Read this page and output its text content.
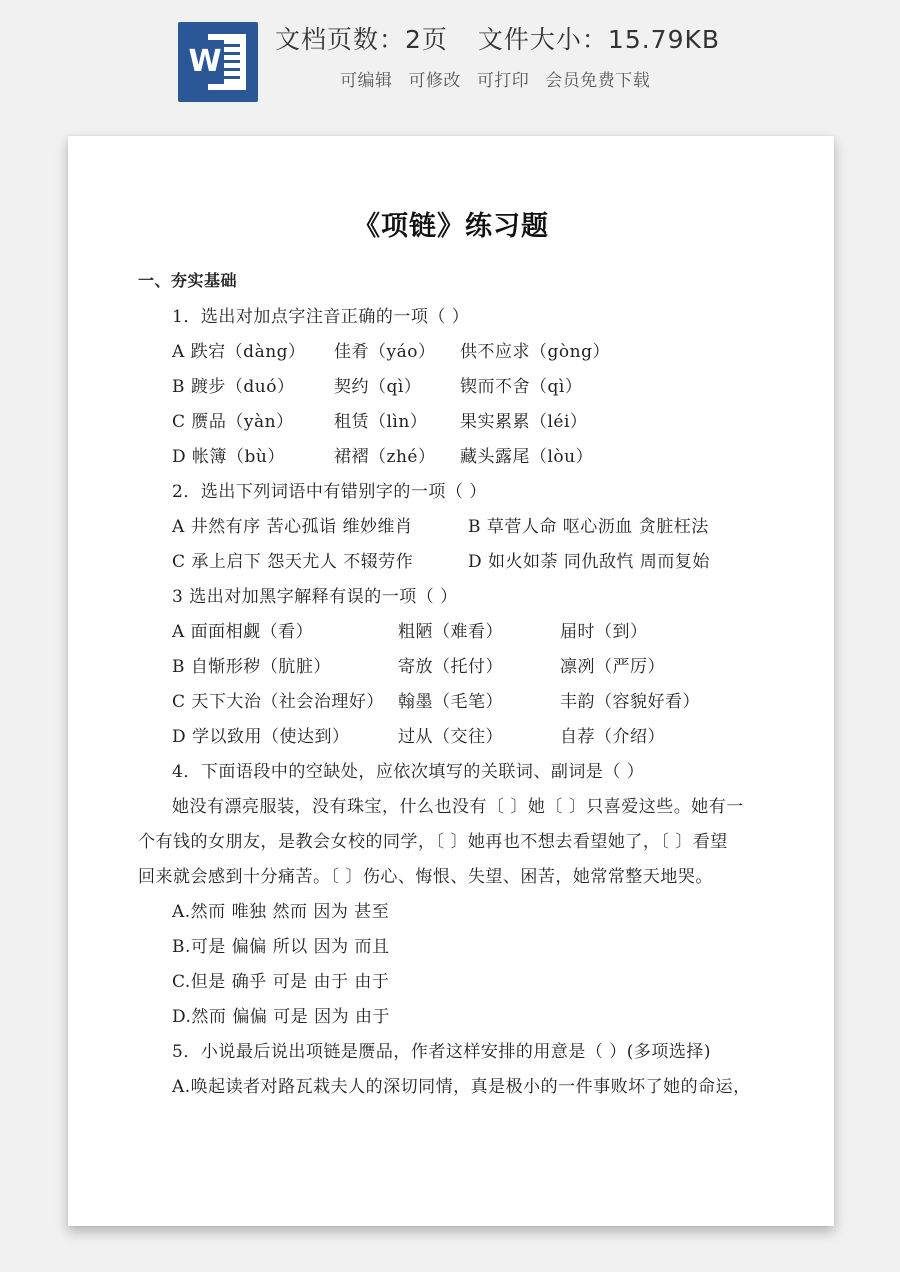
W
文档页数：2页 文件大小：15.79KB
可编辑 可修改 可打印 会员免费下载
《项链》练习题
一、夯实基础
1．选出对加点字注音正确的一项（ ）
A 跌宕（dàng） 佳肴（yáo） 供不应求（gòng）
B 踱步（duó） 契约（qì） 锲而不舍（qì）
C 赝品（yàn） 租赁（lìn） 果实累累（léi）
D 帐簿（bù）	裙褶（zhé） 藏头露尾（lòu）
2．选出下列词语中有错别字的一项（ ）
A 井然有序 苦心孤诣 维妙维肖	B 草菅人命 呕心沥血 贪脏枉法
C 承上启下 怨天尤人 不辍劳作	D 如火如荼 同仇敌忾 周而复始
3 选出对加黑字解释有误的一项（ ）
A 面面相觑（看）	粗陋（难看）	届时（到）
B 自惭形秽（肮脏）	寄放（托付）	凛冽（严厉）
C 天下大治（社会治理好） 翰墨（毛笔）	丰韵（容貌好看）
D 学以致用（使达到）	过从（交往）	自荐（介绍）
4．下面语段中的空缺处，应依次填写的关联词、副词是（ ）
她没有漂亮服装，没有珠宝，什么也没有〔 〕她〔 〕只喜爱这些。她有一
个有钱的女朋友，是教会女校的同学，〔 〕她再也不想去看望她了，〔 〕看望
回来就会感到十分痛苦。〔 〕伤心、悔恨、失望、困苦，她常常整天地哭。
A.然而 唯独 然而 因为 甚至
B.可是 偏偏 所以 因为 而且
C.但是 确乎 可是 由于 由于
D.然而 偏偏 可是 因为 由于
5．小说最后说出项链是赝品，作者这样安排的用意是（ ）(多项选择)
A.唤起读者对路瓦栽夫人的深切同情，真是极小的一件事败坏了她的命运，
